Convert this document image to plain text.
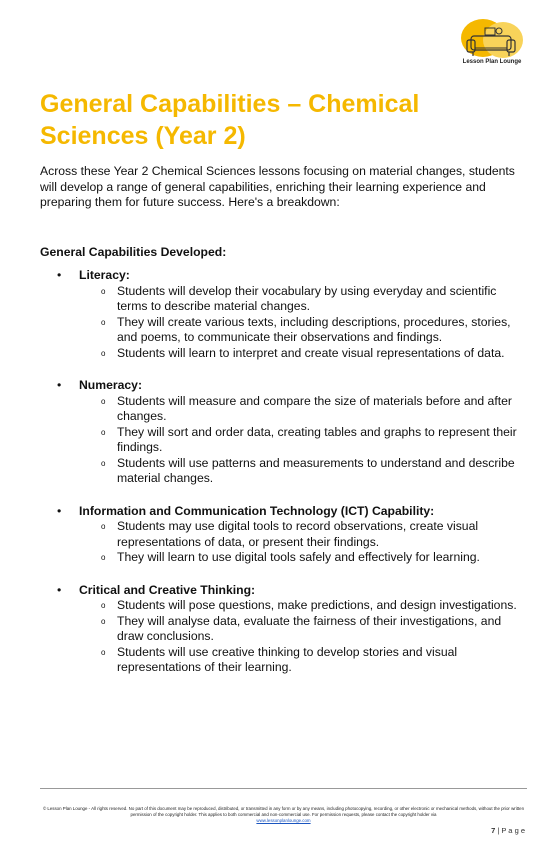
Lesson Plan Lounge
General Capabilities – Chemical Sciences (Year 2)

Across these Year 2 Chemical Sciences lessons focusing on material changes, students will develop a range of general capabilities, enriching their learning experience and preparing them for future success. Here's a breakdown:

General Capabilities Developed:
• Literacy:
o Students will develop their vocabulary by using everyday and scientific terms to describe material changes.
o They will create various texts, including descriptions, procedures, stories, and poems, to communicate their observations and findings.
o Students will learn to interpret and create visual representations of data.
• Numeracy:
o Students will measure and compare the size of materials before and after changes.
o They will sort and order data, creating tables and graphs to represent their findings.
o Students will use patterns and measurements to understand and describe material changes.
• Information and Communication Technology (ICT) Capability:
o Students may use digital tools to record observations, create visual representations of data, or present their findings.
o They will learn to use digital tools safely and effectively for learning.
• Critical and Creative Thinking:
o Students will pose questions, make predictions, and design investigations.
o They will analyse data, evaluate the fairness of their investigations, and draw conclusions.
o Students will use creative thinking to develop stories and visual representations of their learning.
© Lesson Plan Lounge - All rights reserved. No part of this document may be reproduced, distributed, or transmitted in any form or by any means, including photocopying, recording, or other electronic or mechanical methods, without the prior written permission of the copyright holder. This applies to both commercial and non-commercial use. For permission requests, please contact the copyright holder via
www.lessonplanlounge.com
7 | P a g e
